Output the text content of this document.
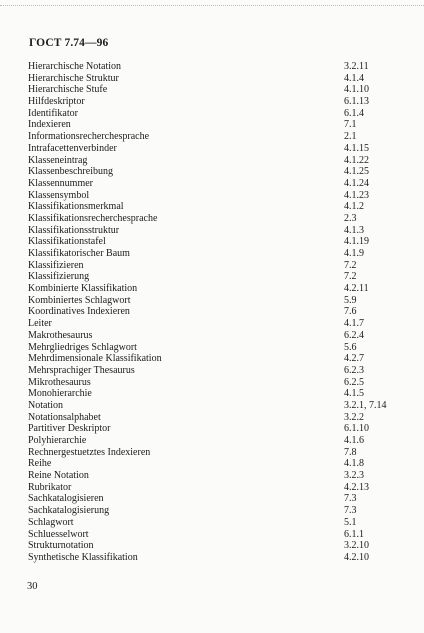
ГОСТ 7.74—96
Hierarchische Notation	3.2.11
Hierarchische Struktur	4.1.4
Hierarchische Stufe	4.1.10
Hilfdeskriptor	6.1.13
Identifikator	6.1.4
Indexieren	7.1
Informationsrecherchesprache	2.1
Intrafacettenverbinder	4.1.15
Klasseneintrag	4.1.22
Klassenbeschreibung	4.1.25
Klassennummer	4.1.24
Klassensymbol	4.1.23
Klassifikationsmerkmal	4.1.2
Klassifikationsrecherchesprache	2.3
Klassifikationsstruktur	4.1.3
Klassifikationstafel	4.1.19
Klassifikatorischer Baum	4.1.9
Klassifizieren	7.2
Klassifizierung	7.2
Kombinierte Klassifikation	4.2.11
Kombiniertes Schlagwort	5.9
Koordinatives Indexieren	7.6
Leiter	4.1.7
Makrothesaurus	6.2.4
Mehrgliedriges Schlagwort	5.6
Mehrdimensionale Klassifikation	4.2.7
Mehrsprachiger Thesaurus	6.2.3
Mikrothesaurus	6.2.5
Monohierarchie	4.1.5
Notation	3.2.1, 7.14
Notationsalphabet	3.2.2
Partitiver Deskriptor	6.1.10
Polyhierarchie	4.1.6
Rechnergestuetztes Indexieren	7.8
Reihe	4.1.8
Reine Notation	3.2.3
Rubrikator	4.2.13
Sachkatalogisieren	7.3
Sachkatalogisierung	7.3
Schlagwort	5.1
Schluesselwort	6.1.1
Strukturnotation	3.2.10
Synthetische Klassifikation	4.2.10
30
